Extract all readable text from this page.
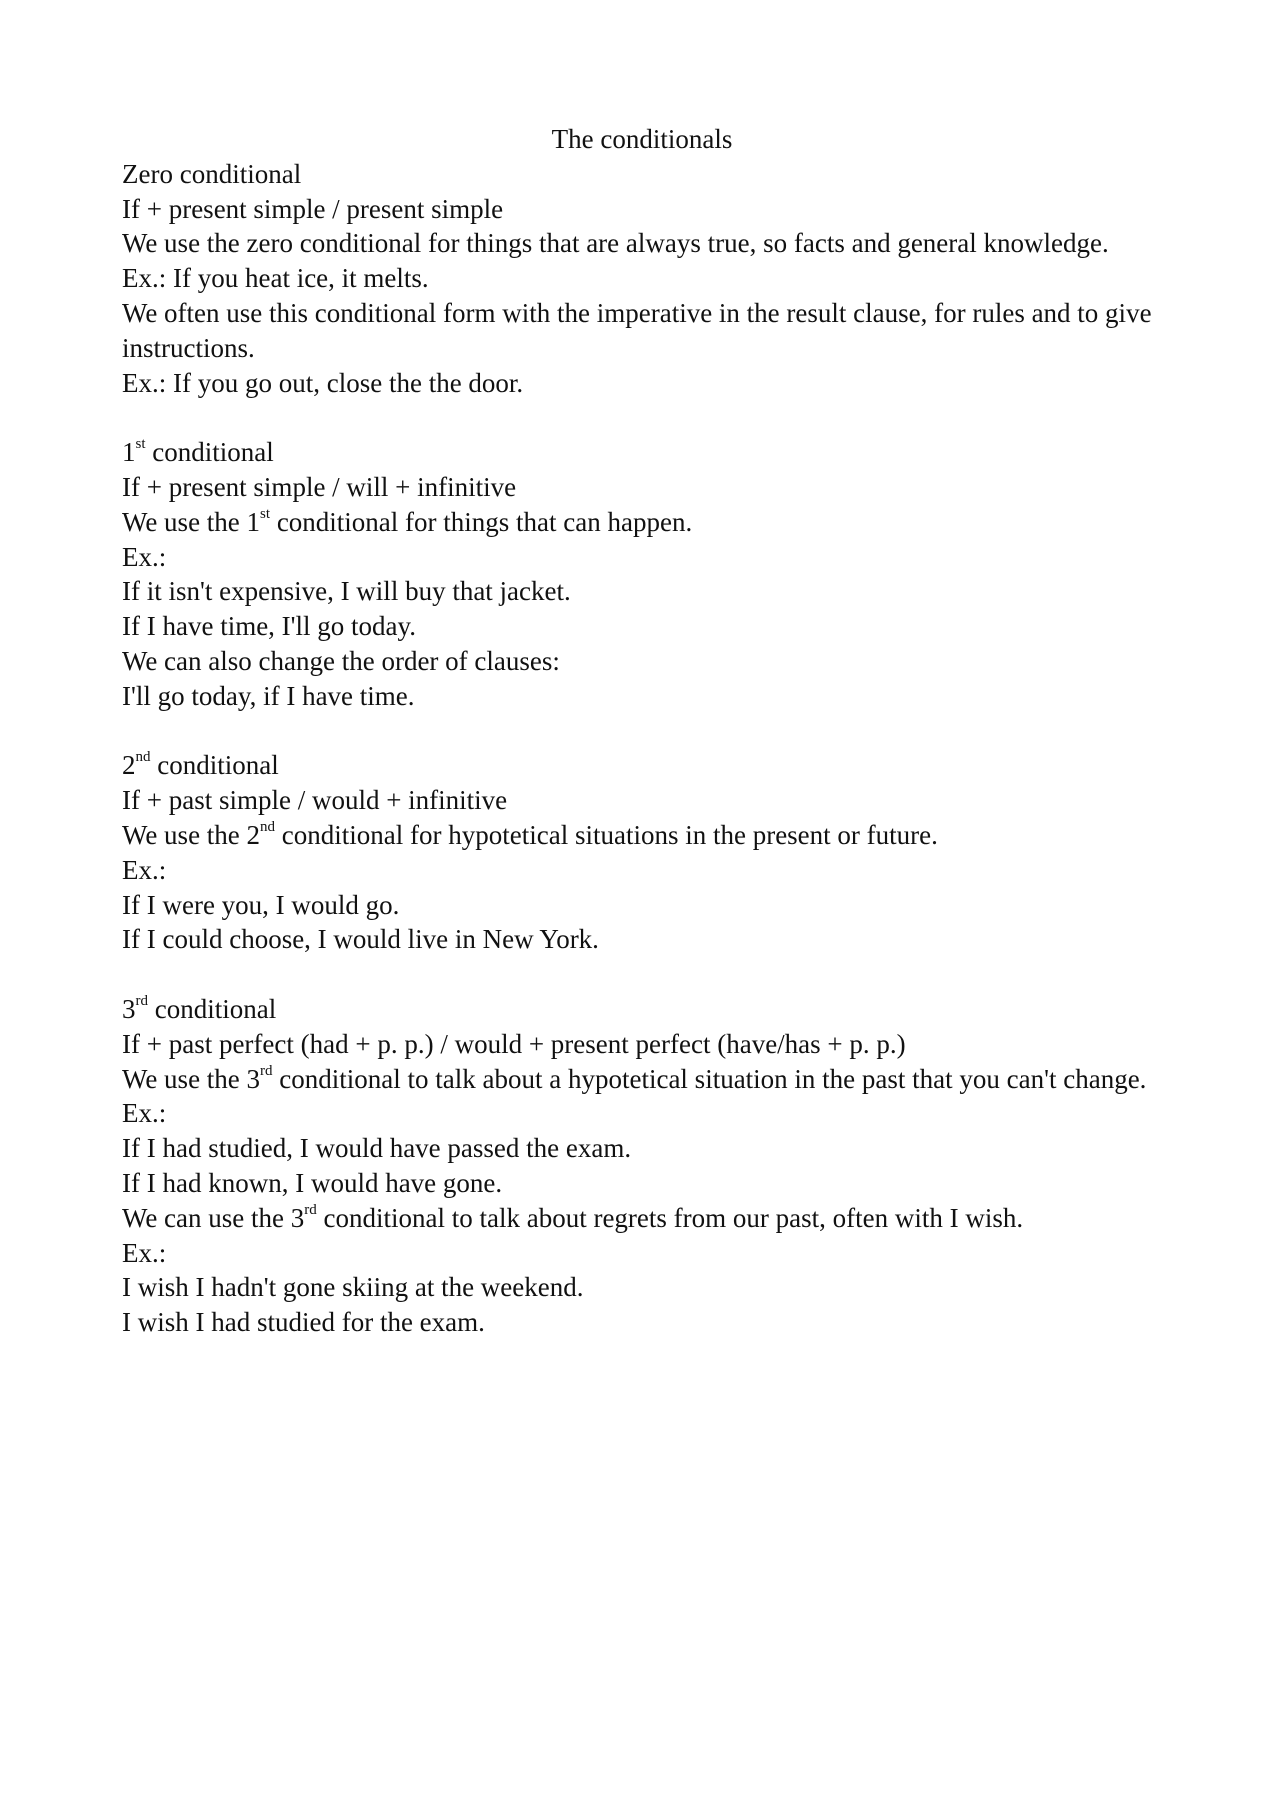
The conditionals

Zero conditional

If + present simple / present simple

We use the zero conditional for things that are always true, so facts and general knowledge.

Ex.: If you heat ice, it melts.

We often use this conditional form with the imperative in the result clause, for rules and to give instructions.

Ex.: If you go out, close the the door.

1st conditional

If + present simple / will + infinitive

We use the 1st conditional for things that can happen.

Ex.:

If it isn't expensive, I will buy that jacket.

If I have time, I'll go today.

We can also change the order of clauses:

I'll go today, if I have time.

2nd conditional

If + past simple / would + infinitive

We use the 2nd conditional for hypotetical situations in the present or future.

Ex.:

If I were you, I would go.

If I could choose, I would live in New York.

3rd conditional

If + past perfect (had + p. p.) / would + present perfect (have/has + p. p.)

We use the 3rd conditional to talk about a hypotetical situation in the past that you can't change.

Ex.:

If I had studied, I would have passed the exam.

If I had known, I would have gone.

We can use the 3rd conditional to talk about regrets from our past, often with I wish.

Ex.:

I wish I hadn't gone skiing at the weekend.

I wish I had studied for the exam.
